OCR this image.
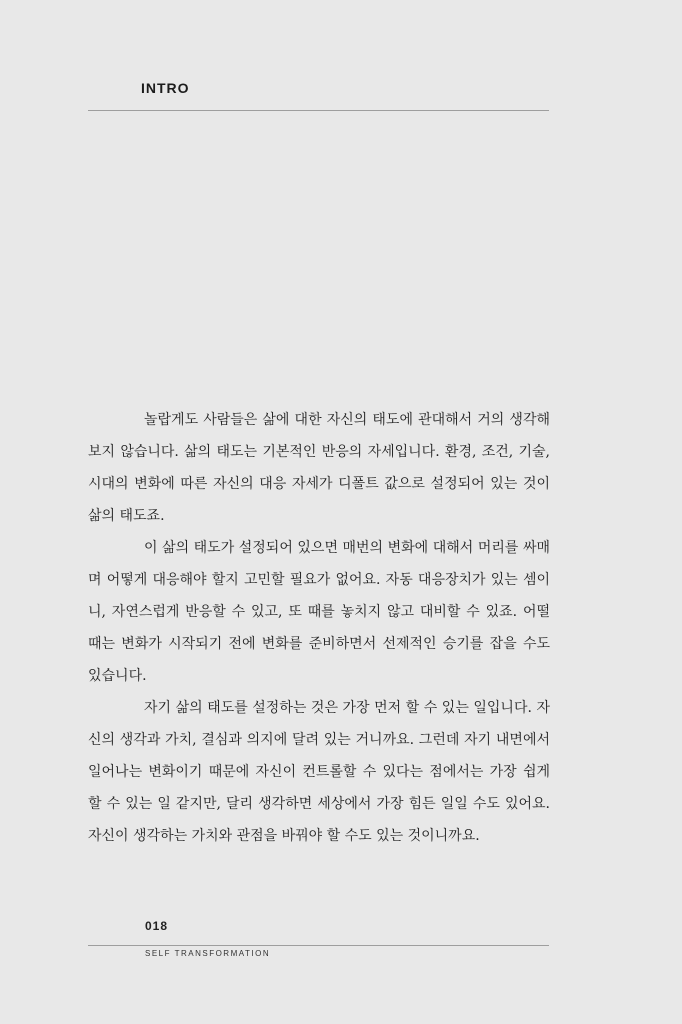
INTRO

놀랍게도 사람들은 삶에 대한 자신의 태도에 관대해서 거의 생각해 보지 않습니다. 삶의 태도는 기본적인 반응의 자세입니다. 환경, 조건, 기술, 시대의 변화에 따른 자신의 대응 자세가 디폴트 값으로 설정되어 있는 것이 삶의 태도죠.

이 삶의 태도가 설정되어 있으면 매번의 변화에 대해서 머리를 싸매며 어떻게 대응해야 할지 고민할 필요가 없어요. 자동 대응장치가 있는 셈이니, 자연스럽게 반응할 수 있고, 또 때를 놓치지 않고 대비할 수 있죠. 어떨 때는 변화가 시작되기 전에 변화를 준비하면서 선제적인 승기를 잡을 수도 있습니다.

자기 삶의 태도를 설정하는 것은 가장 먼저 할 수 있는 일입니다. 자신의 생각과 가치, 결심과 의지에 달려 있는 거니까요. 그런데 자기 내면에서 일어나는 변화이기 때문에 자신이 컨트롤할 수 있다는 점에서는 가장 쉽게 할 수 있는 일 같지만, 달리 생각하면 세상에서 가장 힘든 일일 수도 있어요. 자신이 생각하는 가치와 관점을 바꿔야 할 수도 있는 것이니까요.

018
SELF TRANSFORMATION
